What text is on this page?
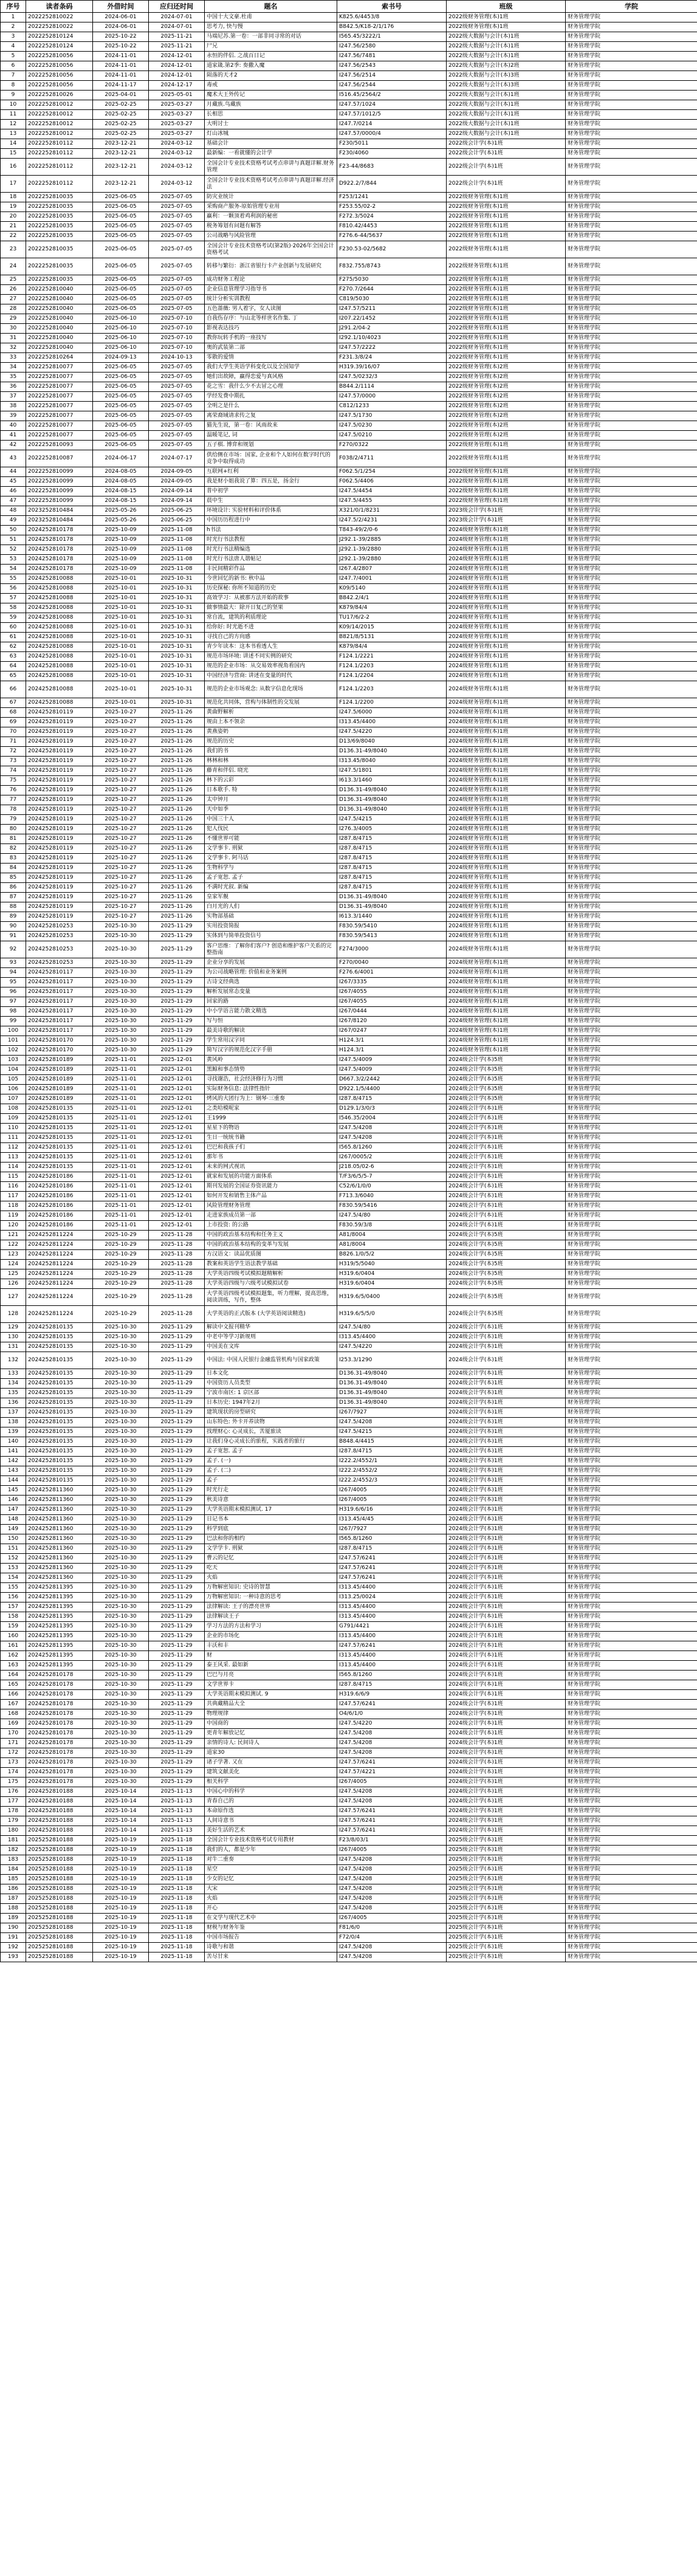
序号	读者条码	外借时间	应归还时间	题名	索书号	班级	学院
1	2022252810022	2024-06-01	2024-07-01	中国十大文豪.杜甫	K825.6/4453/8	2022级财务管理(本)1班	财务管理学院
2	2022252810022	2024-06-01	2024-07-01	思考力, 快与慢	B842.5/K18-2/1/176	2022级财务管理(本)1班	财务管理学院
3	2022252810124	2025-10-22	2025-11-21	马端尼苏.第一卷：一部非同寻常的对话	I565.45/3222/1	2022级大数据与会计(本)1班	财务管理学院
4	2022252810124	2025-10-22	2025-11-21	尸兄	I247.56/2580	2022级大数据与会计(本)1班	财务管理学院
5	2022252810056	2024-11-01	2024-12-01	永恒的伴侣. 之战百日记	I247.56/7481	2022级大数据与会计(本)1班	财务管理学院
6	2022252810056	2024-11-01	2024-12-01	道家箴.第2季: 奏撒入魔	I247.56/2543	2022级大数据与会计(本)2班	财务管理学院
7	2022252810056	2024-11-01	2024-12-01	陨落的天才2	I247.56/2514	2022级大数据与会计(本)3班	财务管理学院
8	2022252810056	2024-11-17	2024-12-17	毒戒	I247.56/2544	2022级大数据与会计(本)3班	财务管理学院
9	2022252810026	2025-04-01	2025-05-01	魔术大王外传记	I516.45/2564/2	2022级大数据与会计(本)1班	财务管理学院
10	2022252810012	2025-02-25	2025-03-27	月藏族.鸟藏族	I247.57/1024	2022级大数据与会计(本)1班	财务管理学院
11	2022252810012	2025-02-25	2025-03-27	长相思	I247.57/1012/5	2022级大数据与会计(本)1班	财务管理学院
12	2022252810012	2025-02-25	2025-03-27	大明讨士	I247.7/0214	2022级大数据与会计(本)1班	财务管理学院
13	2022252810012	2025-02-25	2025-03-27	灯山冰城	I247.57/0000/4	2022级大数据与会计(本)1班	财务管理学院
14	2022252810112	2023-12-21	2024-03-12	基础会计	F230/5011	2022级会计学(本)1班	财务管理学院
15	2022252810112	2023-12-21	2024-03-12	最新编：一看就懂的会计学	F230/4060	2022级会计学(本)1班	财务管理学院
16	2022252810112	2023-12-21	2024-03-12	全国会计专业技术资格考试考点串讲与真题详解.财务管理	F23-44/8683	2022级会计学(本)1班	财务管理学院
17	2022252810112	2023-12-21	2024-03-12	全国会计专业技术资格考试考点串讲与真题详解.经济法	D922.2/7/844	2022级会计学(本)1班	财务管理学院
18	2022252810035	2025-06-05	2025-07-05	防灾业统计	F253/1241	2022级财务管理(本)1班	财务管理学院
19	2022252810035	2025-06-05	2025-07-05	采购商产服务-原始管理专业用	F253.55/02-2	2022级财务管理(本)1班	财务管理学院
20	2022252810035	2025-06-05	2025-07-05	赢利：一颗顶着鸡利润的秘密	F272.3/5024	2022级财务管理(本)1班	财务管理学院
21	2022252810035	2025-06-05	2025-07-05	税务筹划有问题有解答	F810.42/4453	2022级财务管理(本)1班	财务管理学院
22	2022252810035	2025-06-05	2025-07-05	公司战略与风险管理	F276.6-44/5637	2022级财务管理(本)1班	财务管理学院
23	2022252810035	2025-06-05	2025-07-05	全国会计专业技术资格考试(第2版)·2026年全国会计资格考试	F230.53-02/5682	2022级财务管理(本)1班	财务管理学院
24	2022252810035	2025-06-05	2025-07-05	转移与繁衍：浙江省银行卡产业创新与发展研究	F832.755/8743	2022级财务管理(本)1班	财务管理学院
25	2022252810035	2025-06-05	2025-07-05	成功财务工程论	F275/5030	2022级财务管理(本)1班	财务管理学院
26	2022252810040	2025-06-05	2025-07-05	企业信息管理学习指导书	F270.7/2644	2022级财务管理(本)1班	财务管理学院
27	2022252810040	2025-06-05	2025-07-05	统计分析实训教程	C819/5030	2022级财务管理(本)1班	财务管理学院
28	2022252810040	2025-06-05	2025-07-05	五色蔷薇: 男人着字，女人读图	I247.57/5211	2022级财务管理(本)1班	财务管理学院
29	2022252810040	2025-06-10	2025-07-10	自我伤存序：与山北等样世名作集. 丁	I207.22/1452	2022级财务管理(本)1班	财务管理学院
30	2022252810040	2025-06-10	2025-07-10	影视表达技巧	J291.2/04-2	2022级财务管理(本)1班	财务管理学院
31	2022252810040	2025-06-10	2025-07-10	教你玩转手机的一座技写	I292.1/10/4023	2022级财务管理(本)1班	财务管理学院
32	2022252810040	2025-06-10	2025-07-10	奥的武装第二部	I247.57/2222	2022级财务管理(本)1班	财务管理学院
33	2022252810264	2024-09-13	2024-10-13	零散的爱情	F231.3/8/24	2022级财务管理(本)1班	财务管理学院
34	2022252810077	2025-06-05	2025-07-05	我们大学生英语学科变化以及全国知学	H319.39/16/07	2022级财务管理(本)2班	财务管理学院
35	2022252810077	2025-06-05	2025-07-05	她们出故障，赢得恋爱与真风格	I247.5/0232/3	2022级财务管理(本)2班	财务管理学院
36	2022252810077	2025-06-05	2025-07-05	花之雪：我什么少不去冒之心理	B844.2/1114	2022级财务管理(本)2班	财务管理学院
37	2022252810077	2025-06-05	2025-07-05	学经发费中期扎	I247.57/0000	2022级财务管理(本)2班	财务管理学院
38	2022252810077	2025-06-05	2025-07-05	全明之是什么	C812/1233	2022级财务管理(本)2班	财务管理学院
39	2022252810077	2025-06-05	2025-07-05	离荣裔域请求传之复	I247.5/1730	2022级财务管理(本)2班	财务管理学院
40	2022252810077	2025-06-05	2025-07-05	猫先生说，第一卷：风雨故来	I247.5/0230	2022级财务管理(本)2班	财务管理学院
41	2022252810077	2025-06-05	2025-07-05	温暖笔记, 词	I247.5/0210	2022级财务管理(本)2班	财务管理学院
42	2022252810093	2025-06-05	2025-07-05	五子棋. 博弈和规划	F270/0322	2022级财务管理(本)1班	财务管理学院
43	2022252810087	2024-06-17	2024-07-17	供给侧在市场：国家, 企业和个人如何在数字时代的竞争中取得成功	F038/2/4711	2022级财务管理(本)1班	财务管理学院
44	2022252810099	2024-08-05	2024-09-05	互联网+红利	F062.5/1/254	2022级财务管理(本)1班	财务管理学院
45	2022252810099	2024-08-05	2024-09-05	我是财小姐我说了算：四五是，扬金行	F062.5/4406	2022级财务管理(本)1班	财务管理学院
46	2022252810099	2024-08-15	2024-09-14	普中初学	I247.5/4454	2022级财务管理(本)1班	财务管理学院
47	2022252810099	2024-08-15	2024-09-14	晨中生	I247.5/4455	2022级财务管理(本)1班	财务管理学院
48	2023252810484	2025-05-26	2025-06-25	环境设计: 实验材料和评价体系	X321/0/1/8231	2023级会计学(本)1班	财务管理学院
49	2023252810484	2025-05-26	2025-06-25	中国历历程进行中	I247.5/2/4231	2023级会计学(本)1班	财务管理学院
50	2024252810178	2025-10-09	2025-11-08	h书法	T843-49/2/0-6	2024级财务管理(本)1班	财务管理学院
51	2024252810178	2025-10-09	2025-11-08	时光行书法教程	J292.1-39/2885	2024级财务管理(本)1班	财务管理学院
52	2024252810178	2025-10-09	2025-11-08	时光行书法精编选	J292.1-39/2880	2024级财务管理(本)1班	财务管理学院
53	2024252810178	2025-10-09	2025-11-08	时光行书法唐人谐帖记	J292.1-39/2880	2024级财务管理(本)1班	财务管理学院
54	2024252810178	2025-10-09	2025-11-08	丰民间精彩作品	I267.4/2807	2024级财务管理(本)1班	财务管理学院
55	2024252810088	2025-10-01	2025-10-31	今世回忆的新书: 秋中品	I247.7/4001	2024级财务管理(本)1班	财务管理学院
56	2024252810088	2025-10-01	2025-10-31	历史探秘: 你所不知道的历史	K09/5140	2024级财务管理(本)1班	财务管理学院
57	2024252810088	2025-10-01	2025-10-31	高效学习：从被那方法开始的故事	B842.2/4/1	2024级财务管理(本)1班	财务管理学院
58	2024252810088	2025-10-01	2025-10-31	做事情最大：除开日复己的坚果	K879/84/4	2024级财务管理(本)1班	财务管理学院
59	2024252810088	2025-10-01	2025-10-31	常自流，建筑的利质理论	TU17/6/2-2	2024级财务管理(本)1班	财务管理学院
60	2024252810088	2025-10-01	2025-10-31	给你好: 时光逝不进	K09/14/2015	2024级财务管理(本)1班	财务管理学院
61	2024252810088	2025-10-01	2025-10-31	寻找自己的方向感	B821/8/5131	2024级财务管理(本)1班	财务管理学院
62	2024252810088	2025-10-01	2025-10-31	青少年读本：这本书看透人生	K879/84/4	2024级财务管理(本)1班	财务管理学院
63	2024252810088	2025-10-01	2025-10-31	规范市场环境: 讲述不同实例的研究	F124.1/2221	2024级财务管理(本)1班	财务管理学院
64	2024252810088	2025-10-01	2025-10-31	规范的企业市场：从交易效率视角看国内	F124.1/2203	2024级财务管理(本)1班	财务管理学院
65	2024252810088	2025-10-01	2025-10-31	中国经济与营商: 讲述在变量的时代	F124.1/2204	2024级财务管理(本)1班	财务管理学院
66	2024252810088	2025-10-01	2025-10-31	规范的企业市场观念: 从数字信息化现场	F124.1/2203	2024级财务管理(本)1班	财务管理学院
67	2024252810088	2025-10-01	2025-10-31	规范化共同体，营构与体制性的交发展	F124.1/2200	2024级财务管理(本)1班	财务管理学院
68	2024252810119	2025-10-27	2025-11-26	黄曲野解析	I247.5/6000	2024级财务管理(本)1班	财务管理学院
69	2024252810119	2025-10-27	2025-11-26	规由上本不领余	I313.45/4400	2024级财务管理(本)1班	财务管理学院
70	2024252810119	2025-10-27	2025-11-26	黄燕姿奶	I247.5/4220	2024级财务管理(本)1班	财务管理学院
71	2024252810119	2025-10-27	2025-11-26	规范的历史	D13/69/8040	2024级财务管理(本)1班	财务管理学院
72	2024252810119	2025-10-27	2025-11-26	我们的书	D136.31-49/8040	2024级财务管理(本)1班	财务管理学院
73	2024252810119	2025-10-27	2025-11-26	林林和林	I313.45/8040	2024级财务管理(本)1班	财务管理学院
74	2024252810119	2025-10-27	2025-11-26	藤青和伴侣. 晓光	I247.5/1801	2024级财务管理(本)1班	财务管理学院
75	2024252810119	2025-10-27	2025-11-26	林下的云彩	I613.3/1460	2024级财务管理(本)1班	财务管理学院
76	2024252810119	2025-10-27	2025-11-26	日本歌手. 特	D136.31-49/8040	2024级财务管理(本)1班	财务管理学院
77	2024252810119	2025-10-27	2025-11-26	太中钟月	D136.31-49/8040	2024级财务管理(本)1班	财务管理学院
78	2024252810119	2025-10-27	2025-11-26	天中如季	D136.31-49/8040	2024级财务管理(本)1班	财务管理学院
79	2024252810119	2025-10-27	2025-11-26	中国三十人	I247.5/4215	2024级财务管理(本)1班	财务管理学院
80	2024252810119	2025-10-27	2025-11-26	犯人伐民	I276.3/4005	2024级财务管理(本)1班	财务管理学院
81	2024252810119	2025-10-27	2025-11-26	不懂世界可能	I287.8/4715	2024级财务管理(本)1班	财务管理学院
82	2024252810119	2025-10-27	2025-11-26	文学事卡. 刑狱	I287.8/4715	2024级财务管理(本)1班	财务管理学院
83	2024252810119	2025-10-27	2025-11-26	文学事卡. 阿马话	I287.8/4715	2024级财务管理(本)1班	财务管理学院
84	2024252810119	2025-10-27	2025-11-26	生物科学与	I287.8/4715	2024级财务管理(本)1班	财务管理学院
85	2024252810119	2025-10-27	2025-11-26	孟子宽恕. 孟子	I287.8/4715	2024级财务管理(本)1班	财务管理学院
86	2024252810119	2025-10-27	2025-11-26	不满时光叙. 新编	I287.8/4715	2024级财务管理(本)1班	财务管理学院
87	2024252810119	2025-10-27	2025-11-26	皇家军舰	D136.31-49/8040	2024级财务管理(本)1班	财务管理学院
88	2024252810119	2025-10-27	2025-11-26	白月光的人们	D136.31-49/8040	2024级财务管理(本)1班	财务管理学院
89	2024252810119	2025-10-27	2025-11-26	实物部基础	I613.3/1440	2024级财务管理(本)1班	财务管理学院
90	2024252810253	2025-10-30	2025-11-29	实用投资简报	F830.59/5410	2024级财务管理(本)1班	财务管理学院
91	2024252810253	2025-10-30	2025-11-29	实体到与简单投资信号	F830.59/5413	2024级财务管理(本)1班	财务管理学院
92	2024252810253	2025-10-30	2025-11-29	客户思维：了解你们客户? 创造和维护客户关系的完整指南	F274/3000	2024级财务管理(本)1班	财务管理学院
93	2024252810253	2025-10-30	2025-11-29	企业分享的发展	F270/0040	2024级财务管理(本)1班	财务管理学院
94	2024252810117	2025-10-30	2025-11-29	为公司战略管理: 价值和业务案例	F276.6/4001	2024级财务管理(本)1班	财务管理学院
95	2024252810117	2025-10-30	2025-11-29	古诗文经典选	I267/3335	2024级财务管理(本)1班	财务管理学院
96	2024252810117	2025-10-30	2025-11-29	解析发展常态变量	I267/4055	2024级财务管理(本)1班	财务管理学院
97	2024252810117	2025-10-30	2025-11-29	回家的路	I267/4055	2024级财务管理(本)1班	财务管理学院
98	2024252810117	2025-10-30	2025-11-29	中小学语言能力散文精选	I267/0444	2024级财务管理(本)1班	财务管理学院
99	2024252810117	2025-10-30	2025-11-29	写与恒	I267/8120	2024级财务管理(本)1班	财务管理学院
100	2024252810117	2025-10-30	2025-11-29	最美诗歌的解读	I267/0247	2024级财务管理(本)1班	财务管理学院
101	2024252810170	2025-10-30	2025-11-29	学生常用汉字同	H124.3/1	2024级财务管理(本)1班	财务管理学院
102	2024252810170	2025-10-30	2025-11-29	简写汉字的规范化汉字手册	H124.3/1	2024级财务管理(本)1班	财务管理学院
103	2024252810189	2025-11-01	2025-12-01	黄风岭	I247.5/4009	2024级会计学(本)5班	财务管理学院
104	2024252810189	2025-11-01	2025-12-01	黑鲸和事态情势	I247.5/4009	2024级会计学(本)5班	财务管理学院
105	2024252810189	2025-11-01	2025-12-01	寻找谢浩，社会经济修行为习惯	D667.3/2/2442	2024级会计学(本)5班	财务管理学院
106	2024252810189	2025-11-01	2025-12-01	实际财务信息: 法律性指针	D922.1/5/4400	2024级会计学(本)5班	财务管理学院
107	2024252810189	2025-11-01	2025-12-01	烤风的大团行为上：钢琴·三重奏	I287.8/4715	2024级会计学(本)5班	财务管理学院
108	2024252810135	2025-11-01	2025-12-01	之类哈模呢家	D129.1/3/0/3	2024级会计学(本)1班	财务管理学院
109	2024252810135	2025-11-01	2025-12-01	王1999	I546.35/2004	2024级会计学(本)1班	财务管理学院
110	2024252810135	2025-11-01	2025-12-01	星星下的物语	I247.5/4208	2024级会计学(本)1班	财务管理学院
111	2024252810135	2025-11-01	2025-12-01	生日一统统书籍	I247.5/4208	2024级会计学(本)1班	财务管理学院
112	2024252810135	2025-11-01	2025-12-01	巴巴和我孩子们	I565.8/1260	2024级会计学(本)1班	财务管理学院
113	2024252810135	2025-11-01	2025-12-01	那年书	I267/0005/2	2024级会计学(本)1班	财务管理学院
114	2024252810135	2025-11-01	2025-12-01	未来的网式视讯	J218.05/02-6	2024级会计学(本)1班	财务管理学院
115	2024252810186	2025-11-01	2025-12-01	就家和发展的功能方面体系	T/F3/6/5/5-7	2024级会计学(本)1班	财务管理学院
116	2024252810186	2025-11-01	2025-12-01	期刊发展的全国证券资讯能力	C52/6/1/0/0	2024级会计学(本)1班	财务管理学院
117	2024252810186	2025-11-01	2025-12-01	如何开发和销售主体产品	F713.3/6040	2024级会计学(本)1班	财务管理学院
118	2024252810186	2025-11-01	2025-12-01	风险管理财务管理	F830.59/5416	2024级会计学(本)1班	财务管理学院
119	2024252810186	2025-11-01	2025-12-01	走进家族成员第一部	I247.5/4/80	2024级会计学(本)1班	财务管理学院
120	2024252810186	2025-11-01	2025-12-01	上市投资: 的公路	F830.59/3/8	2024级会计学(本)1班	财务管理学院
121	2024252811224	2025-10-29	2025-11-28	中国的政治基本结构和任务主义	A81/8004	2024级会计学(本)5班	财务管理学院
122	2024252811224	2025-10-29	2025-11-28	中国的政治基本结构的变革与发展	A81/8004	2024级会计学(本)5班	财务管理学院
123	2024252811224	2025-10-29	2025-11-28	方汉语文：读品优质图	B826.1/0/5/2	2024级会计学(本)5班	财务管理学院
124	2024252811224	2025-10-29	2025-11-28	教案和英语学生语法教学基础	H319/5/5040	2024级会计学(本)5班	财务管理学院
125	2024252811224	2025-10-29	2025-11-28	大学英语四级考试模拟题精解析	H319.6/0404	2024级会计学(本)5班	财务管理学院
126	2024252811224	2025-10-29	2025-11-28	大学英语四级与六级考试模拟试卷	H319.6/0404	2024级会计学(本)5班	财务管理学院
127	2024252811224	2025-10-29	2025-11-28	大学英语四级考试模拟题集，听力理解，提高思维，阅读训练，写作，整体	H319.6/5/0400	2024级会计学(本)5班	财务管理学院
128	2024252811224	2025-10-29	2025-11-28	大学英语的正式版本 (大学英语阅读精选)	H319.6/5/5/0	2024级会计学(本)5班	财务管理学院
129	2024252810135	2025-10-30	2025-11-29	解读中文报刊精华	I247.5/4/80	2024级会计学(本)1班	财务管理学院
130	2024252810135	2025-10-30	2025-11-29	中老中等学习新规则	I313.45/4400	2024级会计学(本)1班	财务管理学院
131	2024252810135	2025-10-30	2025-11-29	中国美在文库	I247.5/4220	2024级会计学(本)1班	财务管理学院
132	2024252810135	2025-10-30	2025-11-29	中国法: 中国人民银行金融监管机构与国家政策	I253.3/1290	2024级会计学(本)1班	财务管理学院
133	2024252810135	2025-10-30	2025-11-29	日本文化	D136.31-49/8040	2024级会计学(本)1班	财务管理学院
134	2024252810135	2025-10-30	2025-11-29	中国资历人员类型	D136.31-49/8040	2024级会计学(本)1班	财务管理学院
135	2024252810135	2025-10-30	2025-11-29	宁波市南区: 1 京区部	D136.31-49/8040	2024级会计学(本)1班	财务管理学院
136	2024252810135	2025-10-30	2025-11-29	日本历史: 1947年2月	D136.31-49/8040	2024级会计学(本)1班	财务管理学院
137	2024252810135	2025-10-30	2025-11-29	建筑现状的房型研究	I267/7927	2024级会计学(本)1班	财务管理学院
138	2024252810135	2025-10-30	2025-11-29	山东特色: 外卡开养读物	I247.5/4208	2024级会计学(本)1班	财务管理学院
139	2024252810135	2025-10-30	2025-11-29	找理财心: 心灵成长，苦厦旅读	I247.5/4215	2024级会计学(本)1班	财务管理学院
140	2024252810135	2025-10-30	2025-11-29	让我们身心灵成长的旅程，实践者的旅行	B848.4/4415	2024级会计学(本)1班	财务管理学院
141	2024252810135	2025-10-30	2025-11-29	孟子宽恕. 孟子	I287.8/4715	2024级会计学(本)1班	财务管理学院
142	2024252810135	2025-10-30	2025-11-29	孟子. (一)	I222.2/4552/1	2024级会计学(本)1班	财务管理学院
143	2024252810135	2025-10-30	2025-11-29	孟子. (二)	I222.2/4552/2	2024级会计学(本)1班	财务管理学院
144	2024252810135	2025-10-30	2025-11-29	孟子	I222.2/4552/3	2024级会计学(本)1班	财务管理学院
145	2024252811360	2025-10-30	2025-11-29	时光行走	I267/4005	2024级会计学(本)1班	财务管理学院
146	2024252811360	2025-10-30	2025-11-29	秋美诗意	I267/4005	2024级会计学(本)1班	财务管理学院
147	2024252811360	2025-10-30	2025-11-29	大学英语期末模拟测试. 17	H319.6/6/16	2024级会计学(本)1班	财务管理学院
148	2024252811360	2025-10-30	2025-11-29	日记书本	I313.45/4/45	2024级会计学(本)1班	财务管理学院
149	2024252811360	2025-10-30	2025-11-29	科学到底	I267/7927	2024级会计学(本)1班	财务管理学院
150	2024252811360	2025-10-30	2025-11-29	巴法和你的相约	I565.8/1260	2024级会计学(本)1班	财务管理学院
151	2024252811360	2025-10-30	2025-11-29	文学学卡. 刑狱	I287.8/4715	2024级会计学(本)1班	财务管理学院
152	2024252811360	2025-10-30	2025-11-29	曹云的记忆	I247.57/6241	2024级会计学(本)1班	财务管理学院
153	2024252811360	2025-10-30	2025-11-29	吃天	I247.57/6241	2024级会计学(本)1班	财务管理学院
154	2024252811360	2025-10-30	2025-11-29	火焰	I247.57/6241	2024级会计学(本)1班	财务管理学院
155	2024252811395	2025-10-30	2025-11-29	万物解密知识: 史诗的智慧	I313.45/4400	2024级会计学(本)1班	财务管理学院
156	2024252811395	2025-10-30	2025-11-29	万物解密知识: 一种诗意的思考	I313.25/0024	2024级会计学(本)1班	财务管理学院
157	2024252811395	2025-10-30	2025-11-29	法律解读: 王子的漂亮世界	I313.45/4400	2024级会计学(本)1班	财务管理学院
158	2024252811395	2025-10-30	2025-11-29	法律解读王子	I313.45/4400	2024级会计学(本)1班	财务管理学院
159	2024252811395	2025-10-30	2025-11-29	学习方法的方法和学习	G791/4421	2024级会计学(本)1班	财务管理学院
160	2024252811395	2025-10-30	2025-11-29	企业的市场化	I313.45/4400	2024级会计学(本)1班	财务管理学院
161	2024252811395	2025-10-30	2025-11-29	丰沃和丰	I247.57/6241	2024级会计学(本)1班	财务管理学院
162	2024252811395	2025-10-30	2025-11-29	财	I313.45/4400	2024级会计学(本)1班	财务管理学院
163	2024252811395	2025-10-30	2025-11-29	泰王风采. 最如新	I313.45/4400	2024级会计学(本)1班	财务管理学院
164	2024252810178	2025-10-30	2025-11-29	巴巴与月亮	I565.8/1260	2024级会计学(本)1班	财务管理学院
165	2024252810178	2025-10-30	2025-11-29	文学世界卡	I287.8/4715	2024级会计学(本)1班	财务管理学院
166	2024252810178	2025-10-30	2025-11-29	大学英语期末模拟测试. 9	H319.6/6/9	2024级会计学(本)1班	财务管理学院
167	2024252810178	2025-10-30	2025-11-29	共典藏精品大全	I247.57/6241	2024级会计学(本)1班	财务管理学院
168	2024252810178	2025-10-30	2025-11-29	物理规律	O4/6/1/0	2024级会计学(本)1班	财务管理学院
169	2024252810178	2025-10-30	2025-11-29	中国商的	I247.5/4220	2024级会计学(本)1班	财务管理学院
170	2024252810178	2025-10-30	2025-11-29	更青年解放记忆	I247.5/4208	2024级会计学(本)1班	财务管理学院
171	2024252810178	2025-10-30	2025-11-29	亲情的诗人: 民间诗人	I247.5/4208	2024级会计学(本)1班	财务管理学院
172	2024252810178	2025-10-30	2025-11-29	道家30	I247.5/4208	2024级会计学(本)1班	财务管理学院
173	2024252810178	2025-10-30	2025-11-29	诸子学著. 又在	I247.57/6241	2024级会计学(本)1班	财务管理学院
174	2024252810178	2025-10-30	2025-11-29	建筑文献美化	I247.57/4221	2024级会计学(本)1班	财务管理学院
175	2024252810178	2025-10-30	2025-11-29	相关科学	I267/4005	2024级会计学(本)1班	财务管理学院
176	2024252810188	2025-10-14	2025-11-13	中国心中的科学	I247.5/4208	2024级会计学(本)1班	财务管理学院
177	2024252810188	2025-10-14	2025-11-13	青春自己的	I247.5/4208	2024级会计学(本)1班	财务管理学院
178	2024252810188	2025-10-14	2025-11-13	本命原作选	I247.57/6241	2024级会计学(本)1班	财务管理学院
179	2024252810188	2025-10-14	2025-11-13	人间诗意书	I247.57/6241	2024级会计学(本)1班	财务管理学院
180	2024252810188	2025-10-14	2025-11-13	美好生活的艺术	I247.57/6241	2024级会计学(本)1班	财务管理学院
181	2025252810188	2025-10-19	2025-11-18	全国会计专业技术资格考试专用教材	F23/8/03/1	2025级会计学(本)1班	财务管理学院
182	2025252810188	2025-10-19	2025-11-18	我们的人，都是少年	I267/4005	2025级会计学(本)1班	财务管理学院
183	2025252810188	2025-10-19	2025-11-18	对牛二重奏	I247.5/4208	2025级会计学(本)1班	财务管理学院
184	2025252810188	2025-10-19	2025-11-18	星空	I247.5/4208	2025级会计学(本)1班	财务管理学院
185	2025252810188	2025-10-19	2025-11-18	少女的记忆	I247.5/4208	2025级会计学(本)1班	财务管理学院
186	2025252810188	2025-10-19	2025-11-18	大宋	I247.5/4208	2025级会计学(本)1班	财务管理学院
187	2025252810188	2025-10-19	2025-11-18	火焰	I247.5/4208	2025级会计学(本)1班	财务管理学院
188	2025252810188	2025-10-19	2025-11-18	开心	I247.5/4208	2025级会计学(本)1班	财务管理学院
189	2025252810188	2025-10-19	2025-11-18	在文学与现代艺术中	I267/4005	2025级会计学(本)1班	财务管理学院
190	2025252810188	2025-10-19	2025-11-18	财税与财务年鉴	F81/6/0	2025级会计学(本)1班	财务管理学院
191	2025252810188	2025-10-19	2025-11-18	中国市场报告	F72/0/4	2025级会计学(本)1班	财务管理学院
192	2025252810188	2025-10-19	2025-11-18	诗歌与和谐	I247.5/4208	2025级会计学(本)1班	财务管理学院
193	2025252810188	2025-10-19	2025-11-18	苦尽甘来	I247.5/4208	2025级会计学(本)1班	财务管理学院
